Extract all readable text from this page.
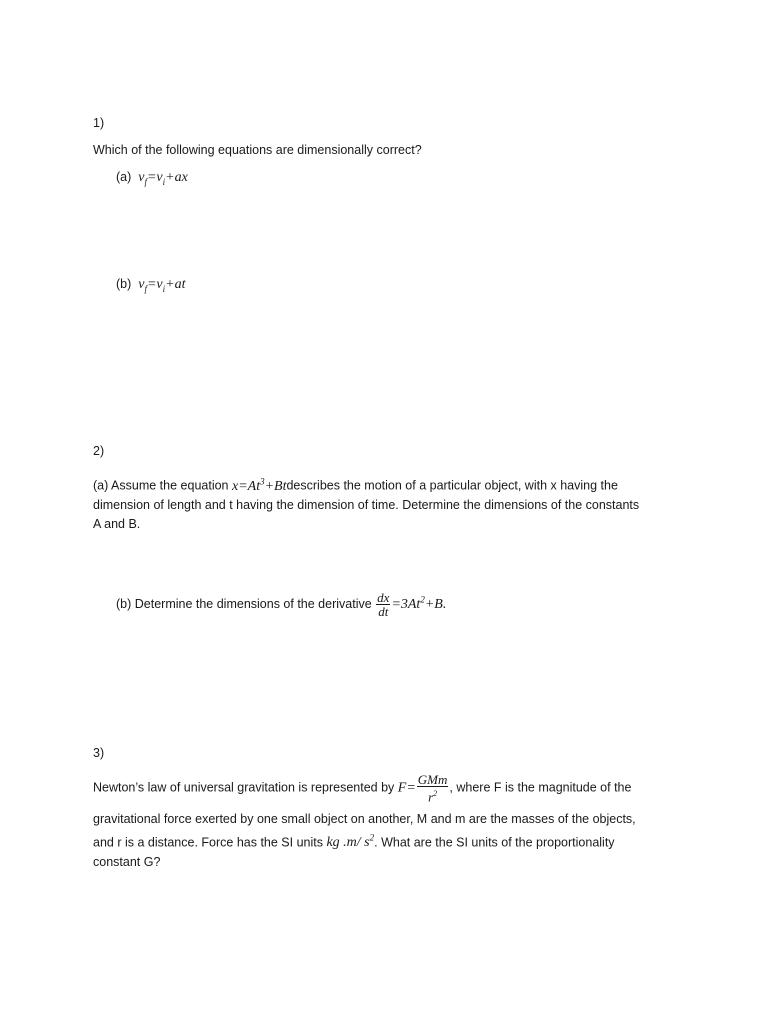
1)
Which of the following equations are dimensionally correct?
(a) $v_f=v_i+ax$
(b) $v_f=v_i+at$
2)
(a) Assume the equation $x=At^3+Btdescribes$ the motion of a particular object, with x having the
dimension of length and t having the dimension of time. Determine the dimensions of the constants
A and B.
(b) Determine the dimensions of the derivative $\frac{dx}{dt} =3At^2+B$.
3)
Newton’s law of universal gravitation is represented by $F= \frac{\text{GMm}}{r^2}$ , where F is the magnitude of the
gravitational force exerted by one small object on another, M and m are the masses of the objects,
and r is a distance. Force has the SI units kg .m/ $s^2$. What are the SI units of the proportionality
constant G?
